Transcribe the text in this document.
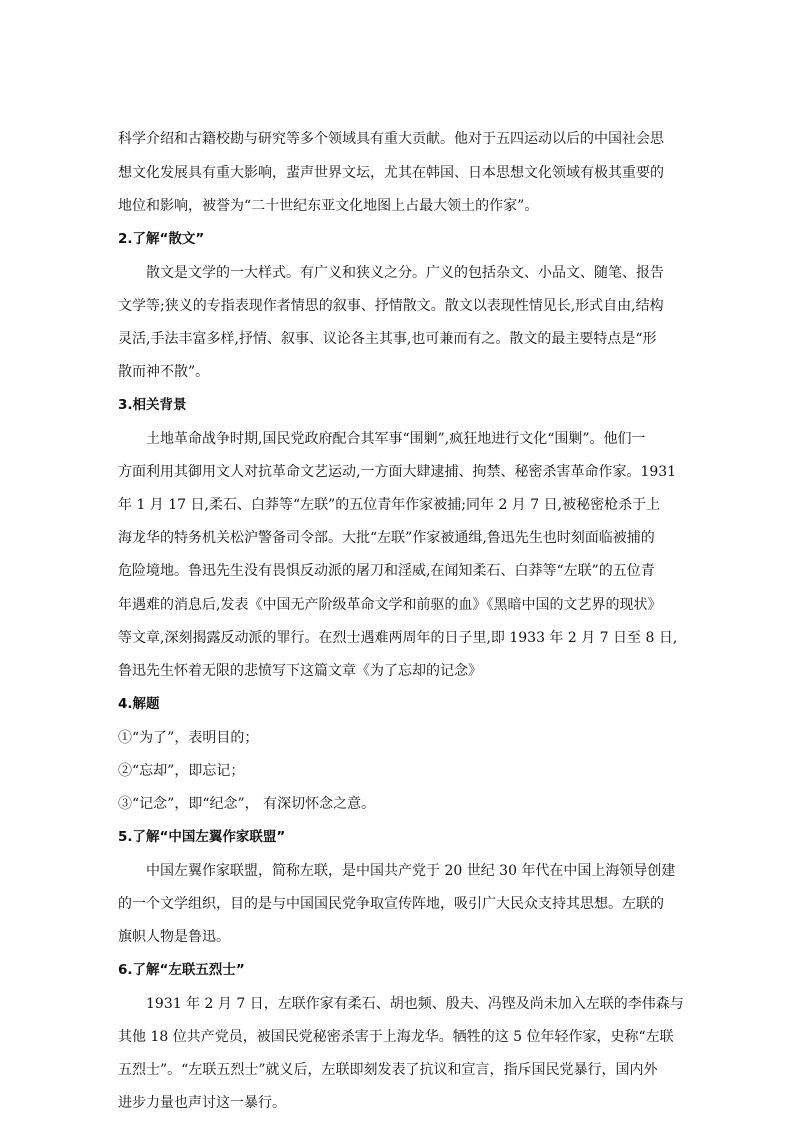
科学介绍和古籍校勘与研究等多个领域具有重大贡献。他对于五四运动以后的中国社会思
想文化发展具有重大影响，蜚声世界文坛，尤其在韩国、日本思想文化领域有极其重要的
地位和影响，被誉为“二十世纪东亚文化地图上占最大领土的作家”。
2.了解“散文”
散文是文学的一大样式。有广义和狭义之分。广义的包括杂文、小品文、随笔、报告
文学等;狭义的专指表现作者情思的叙事、抒情散文。散文以表现性情见长,形式自由,结构
灵活,手法丰富多样,抒情、叙事、议论各主其事,也可兼而有之。散文的最主要特点是“形
散而神不散”。
3.相关背景
土地革命战争时期,国民党政府配合其军事“围剿”,疯狂地进行文化“围剿”。他们一
方面利用其御用文人对抗革命文艺运动,一方面大肆逮捕、拘禁、秘密杀害革命作家。1931
年 1 月 17 日,柔石、白莽等“左联”的五位青年作家被捕;同年 2 月 7 日,被秘密枪杀于上
海龙华的特务机关松沪警备司令部。大批“左联”作家被通缉,鲁迅先生也时刻面临被捕的
危险境地。鲁迅先生没有畏惧反动派的屠刀和淫威,在闻知柔石、白莽等“左联”的五位青
年遇难的消息后,发表《中国无产阶级革命文学和前驱的血》《黑暗中国的文艺界的现状》
等文章,深刻揭露反动派的罪行。在烈士遇难两周年的日子里,即 1933 年 2 月 7 日至 8 日,
鲁迅先生怀着无限的悲愤写下这篇文章《为了忘却的记念》
4.解题
①“为了”，表明目的；
②“忘却”，即忘记；
③“记念”，即“纪念”， 有深切怀念之意。
5.了解“中国左翼作家联盟”
中国左翼作家联盟，简称左联，是中国共产党于 20 世纪 30 年代在中国上海领导创建
的一个文学组织，目的是与中国国民党争取宣传阵地，吸引广大民众支持其思想。左联的
旗帜人物是鲁迅。
6.了解“左联五烈士”
1931 年 2 月 7 日，左联作家有柔石、胡也频、殷夫、冯铿及尚未加入左联的李伟森与
其他 18 位共产党员，被国民党秘密杀害于上海龙华。牺牲的这 5 位年轻作家，史称“左联
五烈士”。“左联五烈士”就义后，左联即刻发表了抗议和宣言，指斥国民党暴行，国内外
进步力量也声讨这一暴行。
